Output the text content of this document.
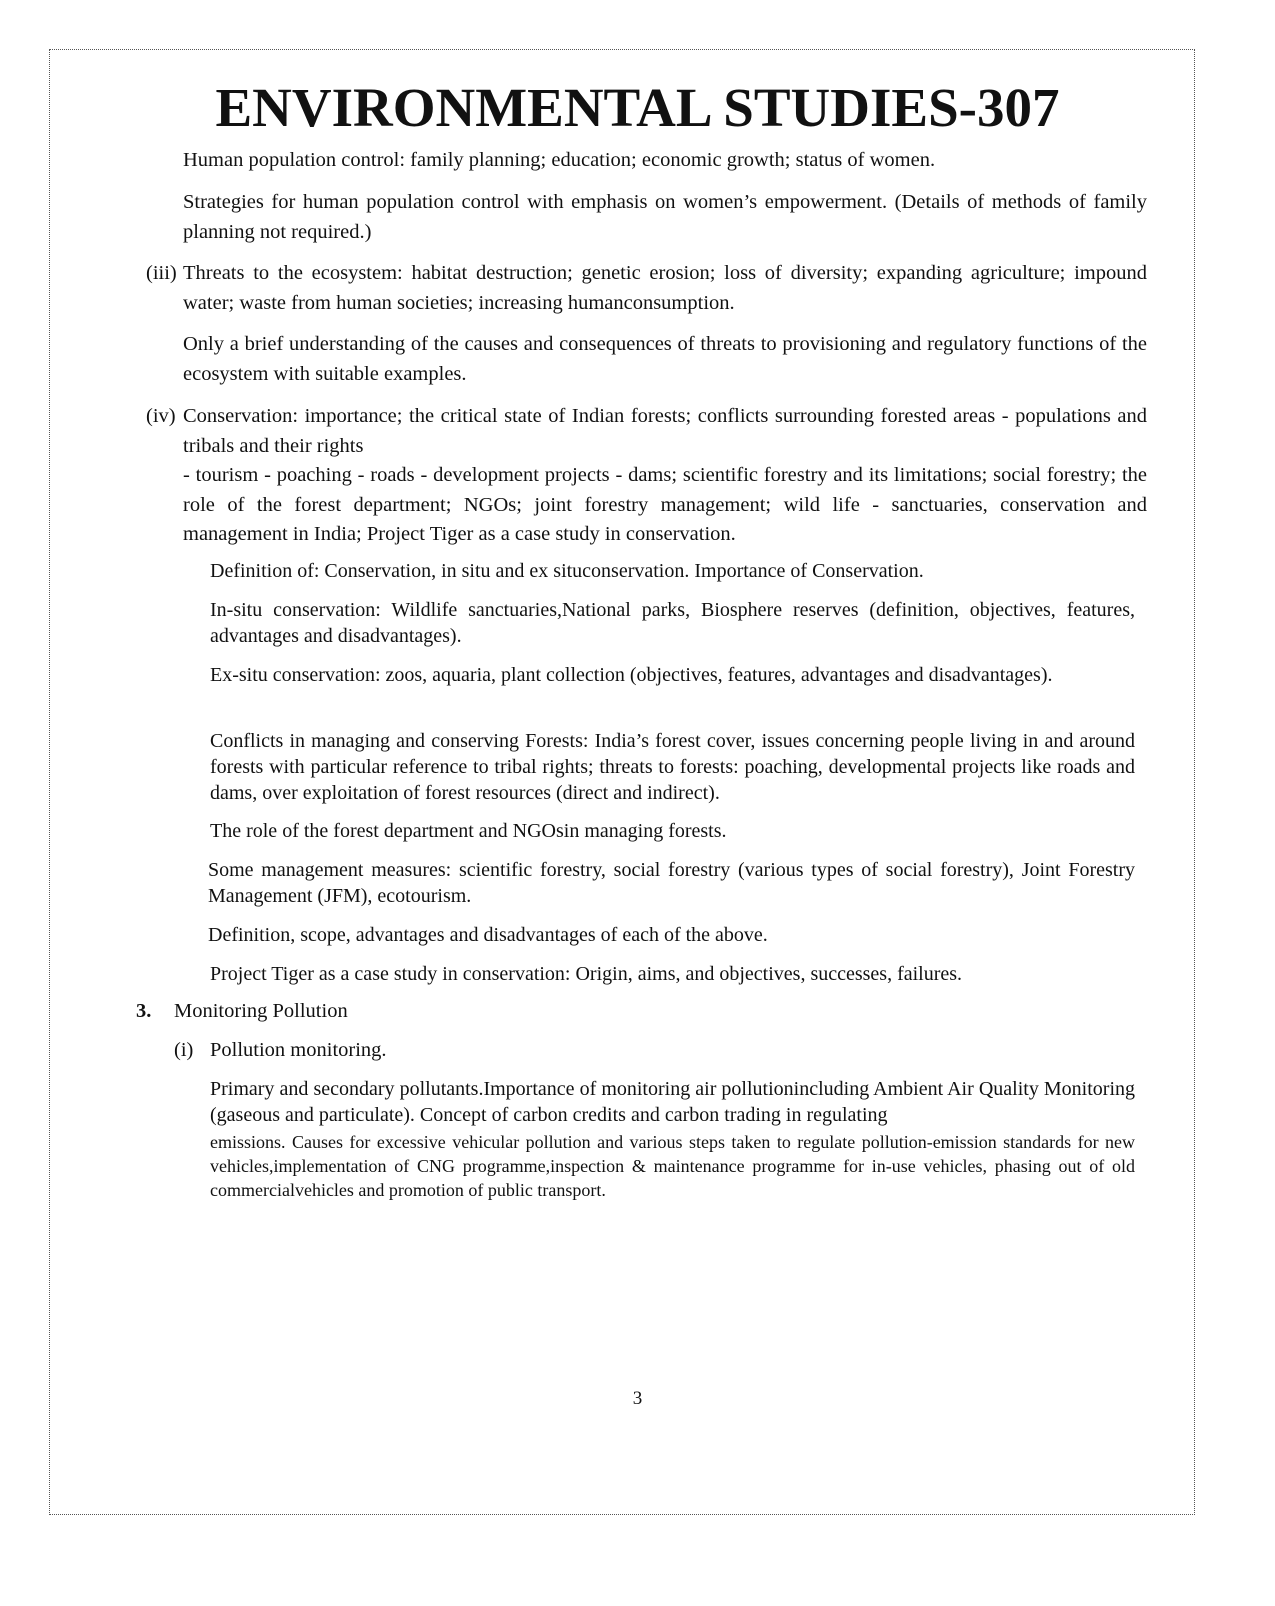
ENVIRONMENTAL STUDIES-307

Human population control: family planning; education; economic growth; status of women.

Strategies for human population control with emphasis on women’s empowerment. (Details of methods of family planning not required.)

(iii) Threats to the ecosystem: habitat destruction; genetic erosion; loss of diversity; expanding agriculture; impound water; waste from human societies; increasing humanconsumption.

Only a brief understanding of the causes and consequences of threats to provisioning and regulatory functions of the ecosystem with suitable examples.

(iv) Conservation: importance; the critical state of Indian forests; conflicts surrounding forested areas - populations and tribals and their rights

- tourism - poaching - roads - development projects - dams; scientific forestry and its limitations; social forestry; the role of the forest department; NGOs; joint forestry management; wild life - sanctuaries, conservation and management in India; Project Tiger as a case study in conservation.

Definition of: Conservation, in situ and ex situconservation. Importance of Conservation.

In-situ conservation: Wildlife sanctuaries,National parks, Biosphere reserves (definition, objectives, features, advantages and disadvantages).

Ex-situ conservation: zoos, aquaria, plant collection (objectives, features, advantages and disadvantages).

Conflicts in managing and conserving Forests: India’s forest cover, issues concerning people living in and around forests with particular reference to tribal rights; threats to forests: poaching, developmental projects like roads and dams, over exploitation of forest resources (direct and indirect).

The role of the forest department and NGOsin managing forests.

Some management measures: scientific forestry, social forestry (various types of social forestry), Joint Forestry Management (JFM), ecotourism.

Definition, scope, advantages and disadvantages of each of the above.

Project Tiger as a case study in conservation: Origin, aims, and objectives, successes, failures.

3. Monitoring Pollution
(i) Pollution monitoring.

Primary and secondary pollutants.Importance of monitoring air pollutionincluding Ambient Air Quality Monitoring (gaseous and particulate). Concept of carbon credits and carbon trading in regulating

emissions. Causes for excessive vehicular pollution and various steps taken to regulate pollution-emission standards for new vehicles,implementation of CNG programme,inspection & maintenance programme for in-use vehicles, phasing out of old commercialvehicles and promotion of public transport.

3
